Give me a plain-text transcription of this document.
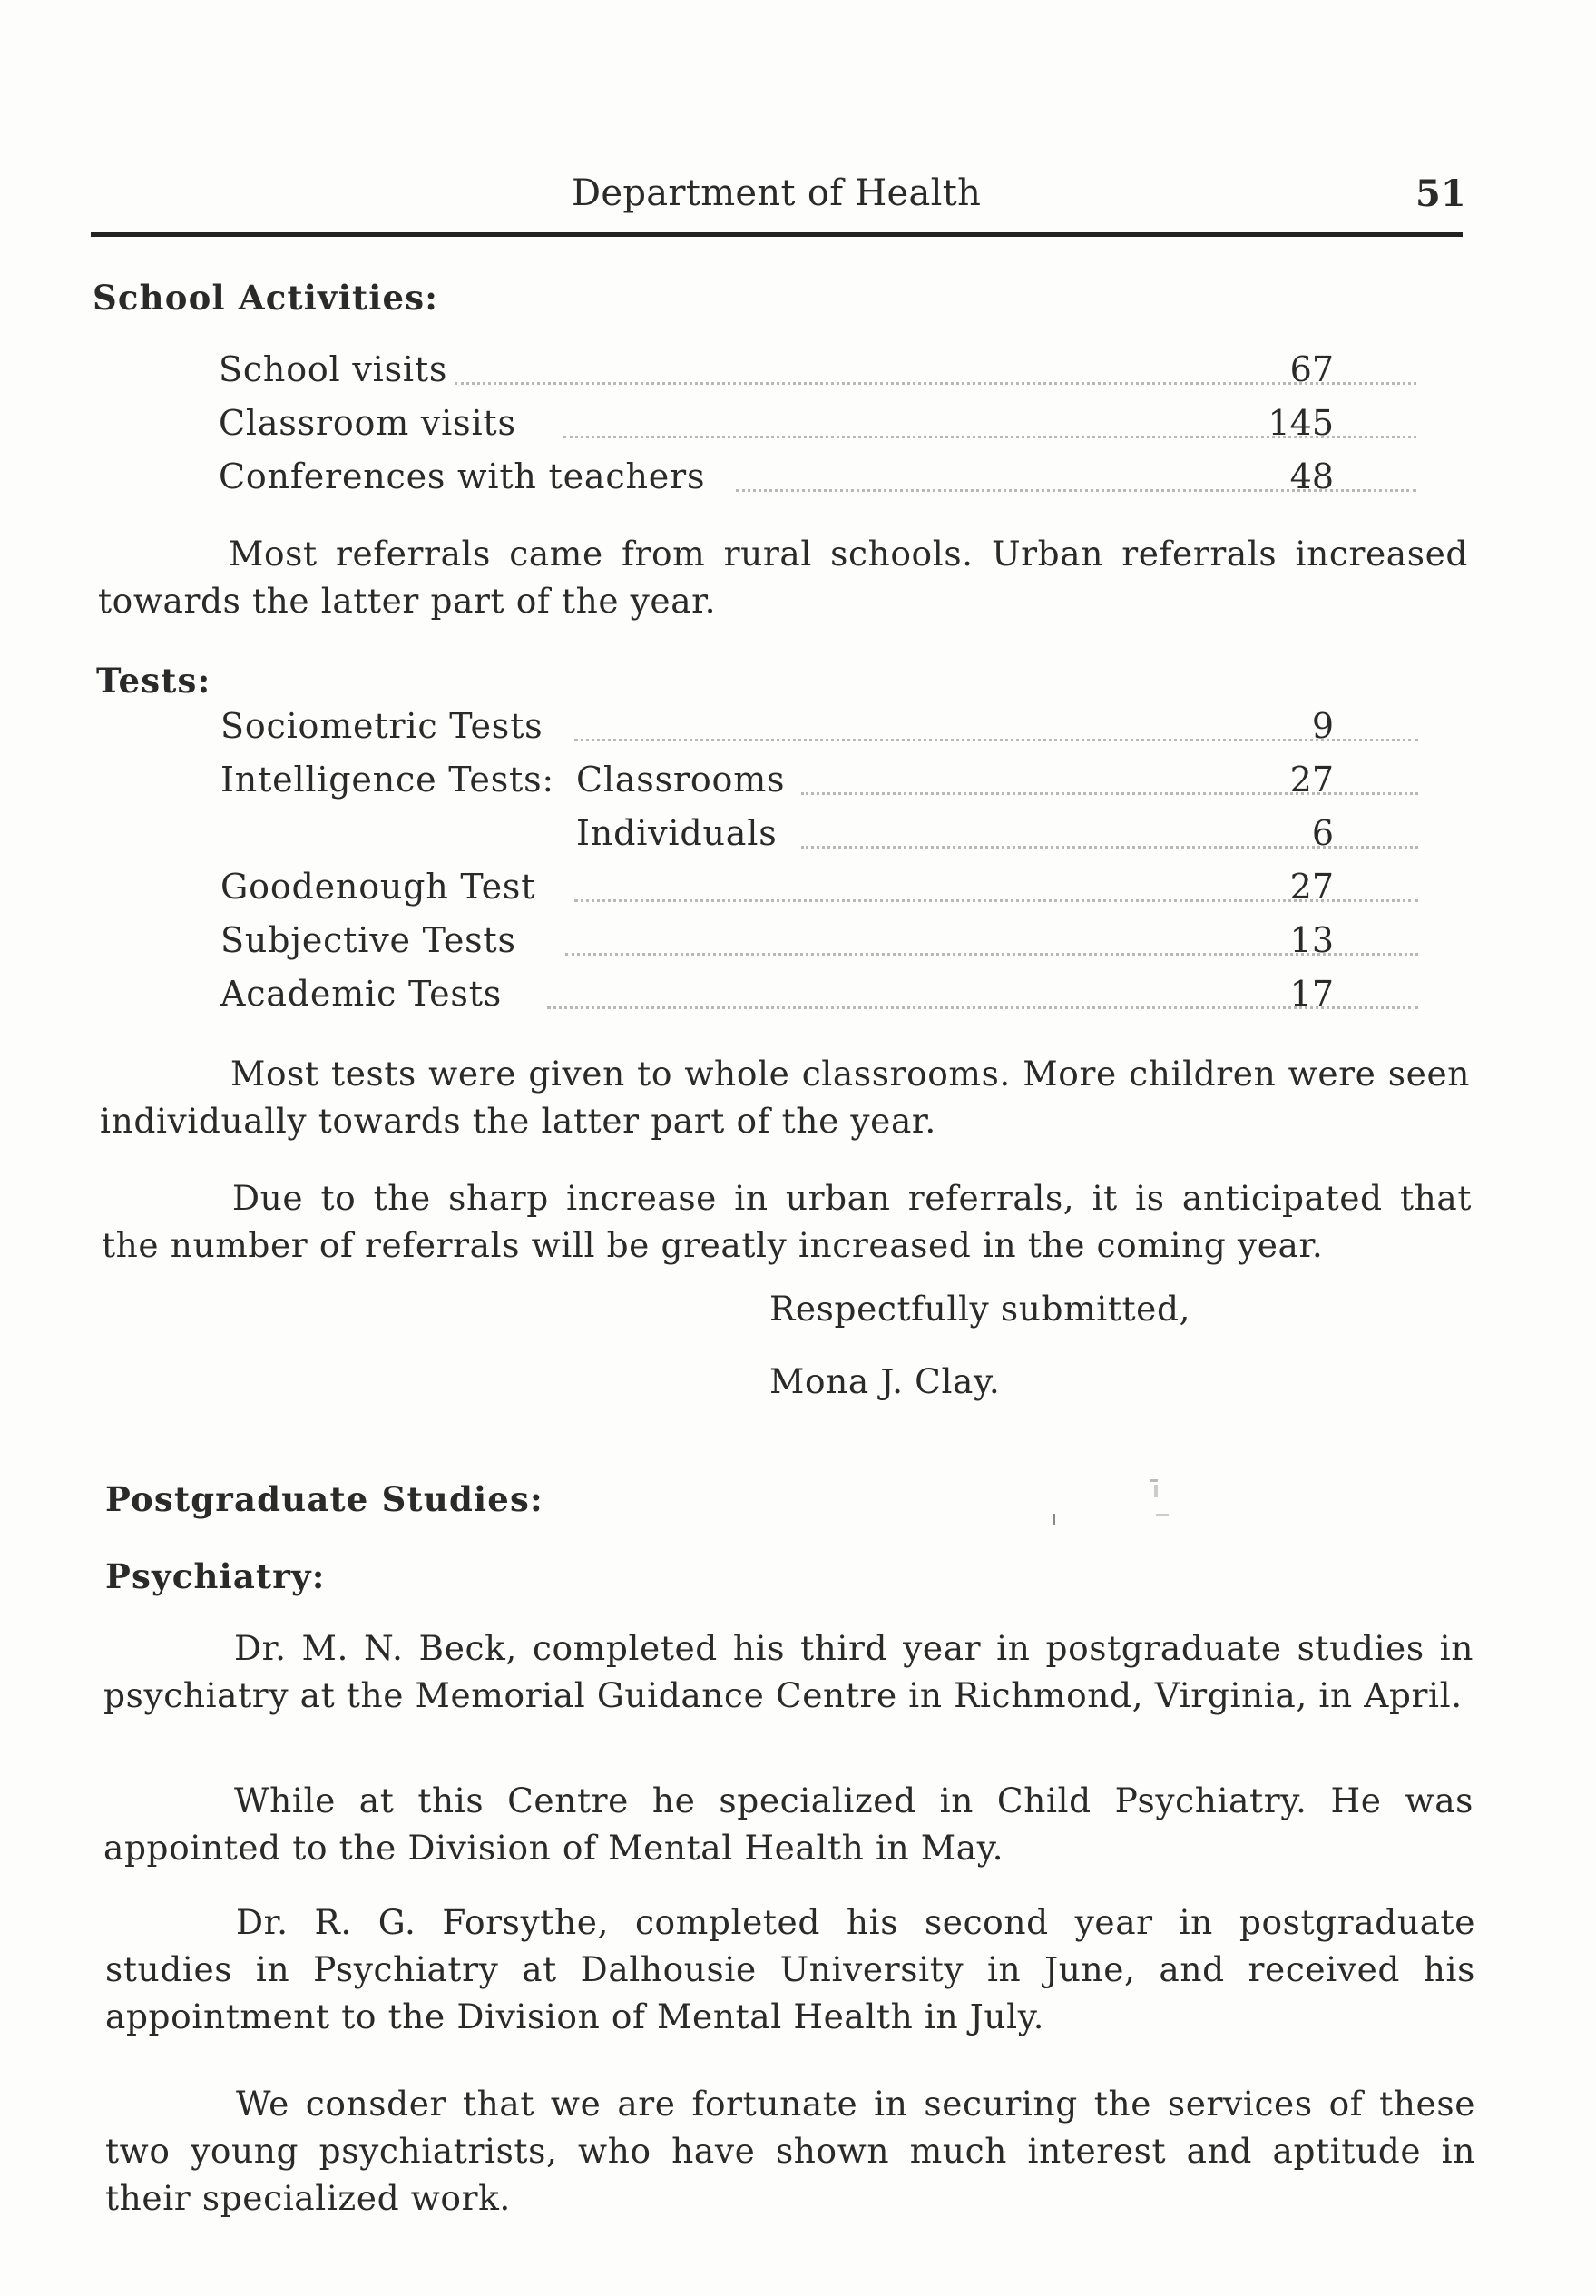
Department of Health	51
School Activities:
School visits	67
Classroom visits	145
Conferences with teachers	48
Most referrals came from rural schools. Urban referrals increased towards the latter part of the year.
Tests:
Sociometric Tests	9
Intelligence Tests: Classrooms	27
Individuals	6
Goodenough Test	27
Subjective Tests	13
Academic Tests	17
Most tests were given to whole classrooms. More children were seen individually towards the latter part of the year.
Due to the sharp increase in urban referrals, it is anticipated that the number of referrals will be greatly increased in the coming year.
Respectfully submitted,
Mona J. Clay.
Postgraduate Studies:
Psychiatry:
Dr. M. N. Beck, completed his third year in postgraduate studies in psychiatry at the Memorial Guidance Centre in Richmond, Virginia, in April.
While at this Centre he specialized in Child Psychiatry. He was appointed to the Division of Mental Health in May.
Dr. R. G. Forsythe, completed his second year in postgraduate studies in Psychiatry at Dalhousie University in June, and received his appointment to the Division of Mental Health in July.
We consder that we are fortunate in securing the services of these two young psychiatrists, who have shown much interest and aptitude in their specialized work.
